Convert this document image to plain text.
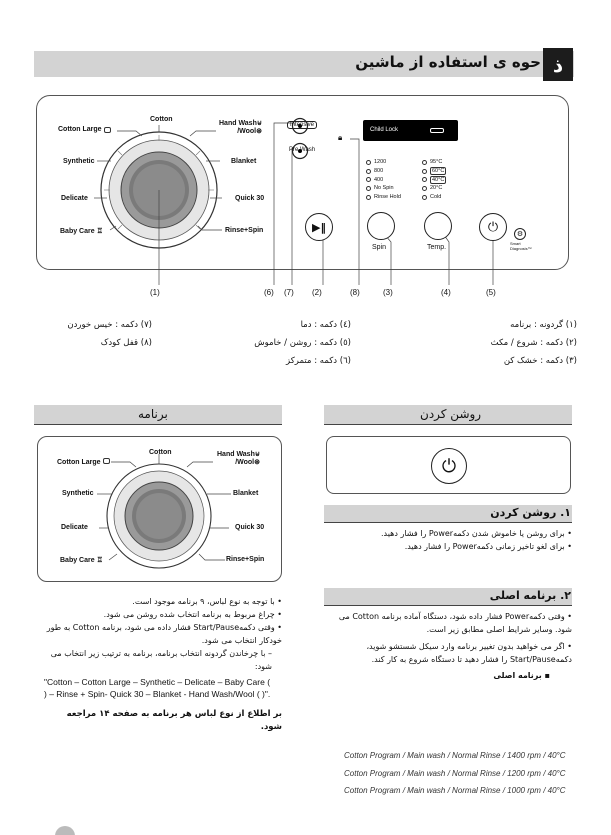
حوه ی استفاده از ماشین ذ
Cotton
Cotton Large
Synthetic
Delicate
Baby Care ♖
Hand Wash⊌
/Wool⊛
Blanket
Quick 30
Rinse+Spin
Intensive
Pre Wash
🔒︎
Child Lock
1200
800
400
No Spin
Rinse Hold
95°C
60°C
40°C
20°C
Cold
▶‖
Spin	Temp.
⏻	⚙
Smart
Diagnosis™
(1)	(6) (7) (2)	(8)	(3)	(4)	(5)
(۱) گردونه : برنامه
(۲) دکمه : شروع / مکث
(۳) دکمه : خشک کن
(٤) دکمه : دما
(٥) دکمه : روشن / خاموش
(٦) دکمه : متمرکز
(۷) دکمه : خیس خوردن
(۸) قفل کودک
برنامه
Cotton
Cotton Large
Synthetic
Delicate
Baby Care ♖
Hand Wash⊌
/Wool⊛
Blanket
Quick 30
Rinse+Spin
• با توجه به نوع لباس، ۹ برنامه موجود است.
• چراغ مربوط به برنامه انتخاب شده روشن می شود.
• وقتی دکمهStart/Pause فشار داده می شود، برنامه Cotton به طور خودکار انتخاب می شود.
– با چرخاندن گردونه انتخاب برنامه، برنامه به ترتیب زیر انتخاب می شود:
"Cotton – Cotton Large – Synthetic – Delicate – Baby Care ( ) – Rinse + Spin- Quick 30 – Blanket - Hand Wash/Wool ( )".
بر اطلاع از نوع لباس هر برنامه به صفحه ۱۴ مراجعه شود.
روشن کردن
⏻
۱. روشن کردن
• برای روشن یا خاموش شدن دکمهPower را فشار دهید.
• برای لغو تاخیر زمانی دکمهPower را فشار دهید.
۲. برنامه اصلی
• وقتی دکمهPower فشار داده شود، دستگاه آماده برنامه Cotton می شود. وسایر شرایط اصلی مطابق زیر است.
• اگر می خواهید بدون تغییر برنامه وارد سیکل شستشو شوید، دکمهStart/Pause را فشار دهید تا دستگاه شروع به کار کند.
▪ برنامه اصلی
Cotton Program / Main wash / Normal Rinse / 1400 rpm / 40°C
Cotton Program / Main wash / Normal Rinse / 1200 rpm / 40°C
Cotton Program / Main wash / Normal Rinse / 1000 rpm / 40°C
